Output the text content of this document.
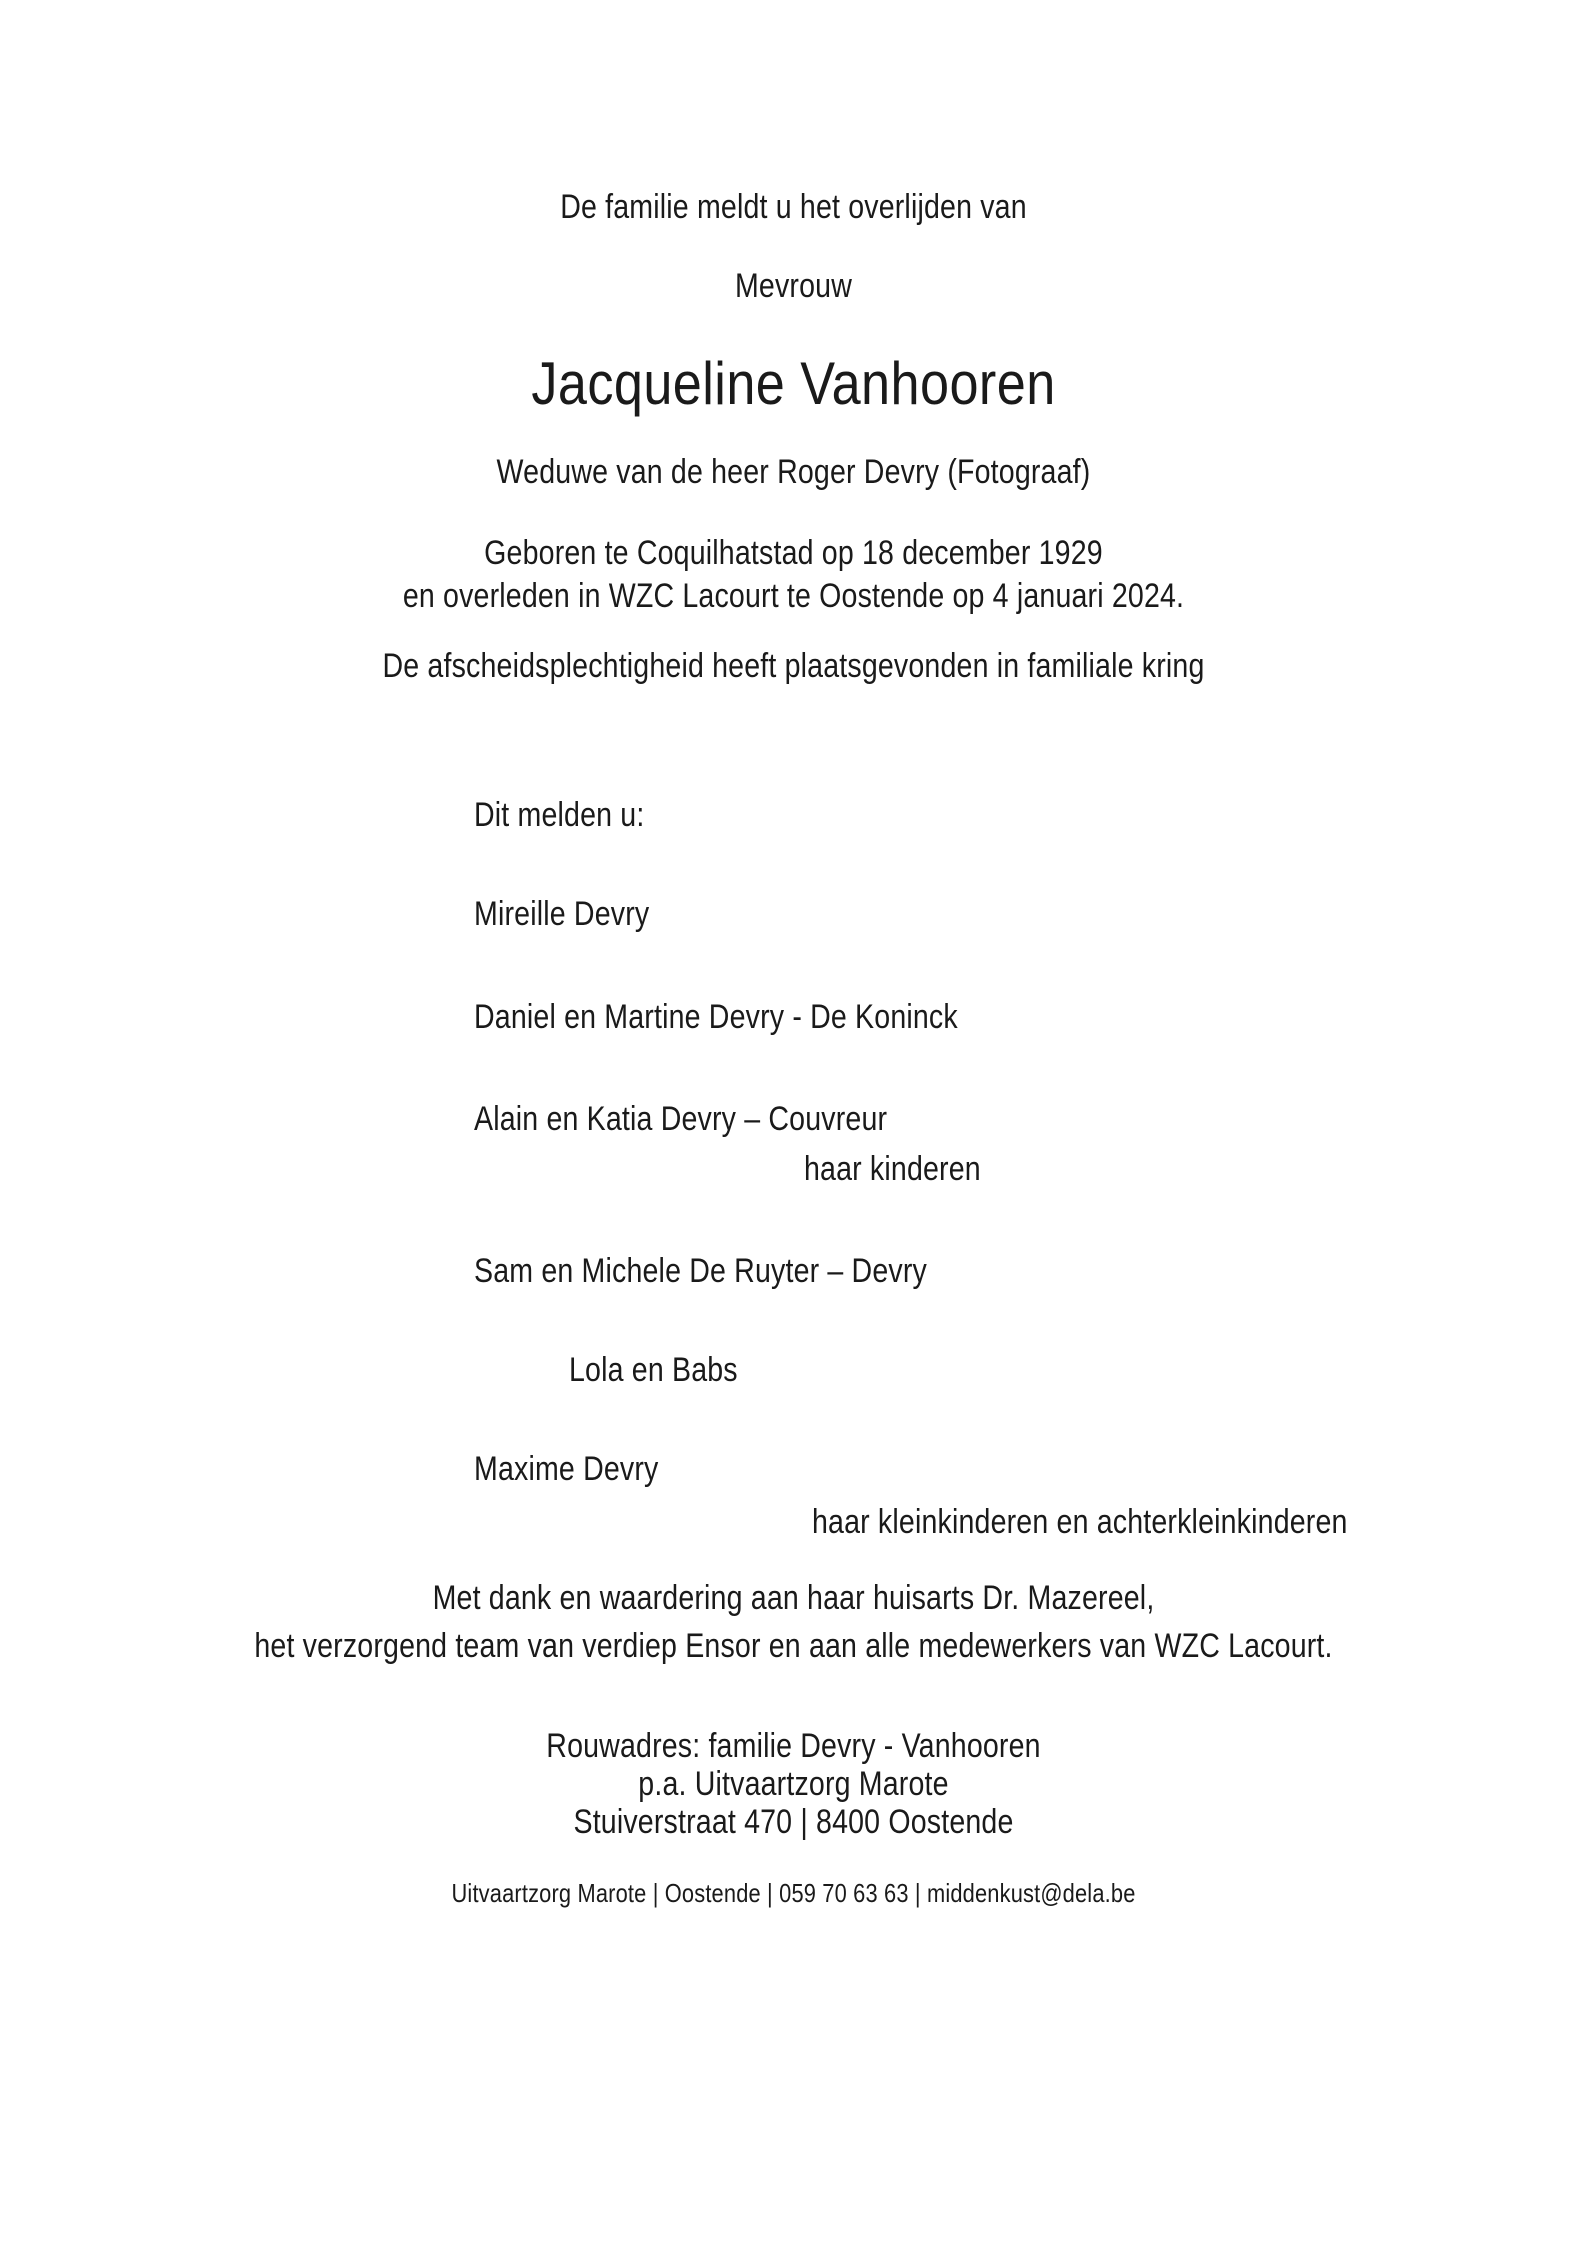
De familie meldt u het overlijden van
Mevrouw
Jacqueline Vanhooren
Weduwe van de heer Roger Devry (Fotograaf)
Geboren te Coquilhatstad op 18 december 1929
en overleden in WZC Lacourt te Oostende op 4 januari 2024.
De afscheidsplechtigheid heeft plaatsgevonden in familiale kring
Dit melden u:
Mireille Devry
Daniel en Martine Devry - De Koninck
Alain en Katia Devry – Couvreur
haar kinderen
Sam en Michele De Ruyter – Devry
Lola en Babs
Maxime Devry
haar kleinkinderen en achterkleinkinderen
Met dank en waardering aan haar huisarts Dr. Mazereel,
het verzorgend team van verdiep Ensor en aan alle medewerkers van WZC Lacourt.
Rouwadres: familie Devry - Vanhooren
p.a. Uitvaartzorg Marote
Stuiverstraat 470 | 8400 Oostende
Uitvaartzorg Marote | Oostende | 059 70 63 63 | middenkust@dela.be
